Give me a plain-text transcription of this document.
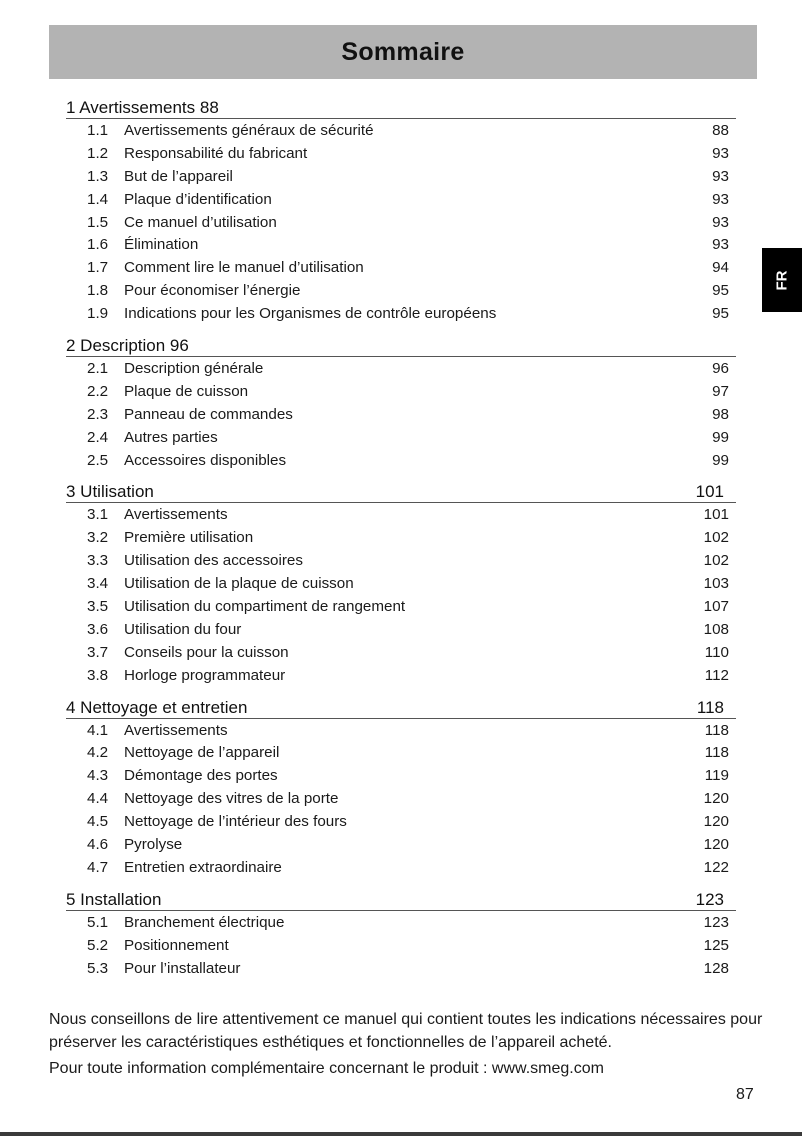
Sommaire
FR
1 Avertissements 88
1.1	Avertissements généraux de sécurité	88
1.2	Responsabilité du fabricant	93
1.3	But de l’appareil	93
1.4	Plaque d’identification	93
1.5	Ce manuel d’utilisation	93
1.6	Élimination	93
1.7	Comment lire le manuel d’utilisation	94
1.8	Pour économiser l’énergie	95
1.9	Indications pour les Organismes de contrôle européens	95
2 Description 96
2.1	Description générale	96
2.2	Plaque de cuisson	97
2.3	Panneau de commandes	98
2.4	Autres parties	99
2.5	Accessoires disponibles	99
3 Utilisation	101
3.1	Avertissements	101
3.2	Première utilisation	102
3.3	Utilisation des accessoires	102
3.4	Utilisation de la plaque de cuisson	103
3.5	Utilisation du compartiment de rangement	107
3.6	Utilisation du four	108
3.7	Conseils pour la cuisson	110
3.8	Horloge programmateur	112
4 Nettoyage et entretien	118
4.1	Avertissements	118
4.2	Nettoyage de l’appareil	118
4.3	Démontage des portes	119
4.4	Nettoyage des vitres de la porte	120
4.5	Nettoyage de l’intérieur des fours	120
4.6	Pyrolyse	120
4.7	Entretien extraordinaire	122
5 Installation	123
5.1	Branchement électrique	123
5.2	Positionnement	125
5.3	Pour l’installateur	128

Nous conseillons de lire attentivement ce manuel qui contient toutes les indications nécessaires pour préserver les caractéristiques esthétiques et fonctionnelles de l’appareil acheté.

Pour toute information complémentaire concernant le produit : www.smeg.com

87
